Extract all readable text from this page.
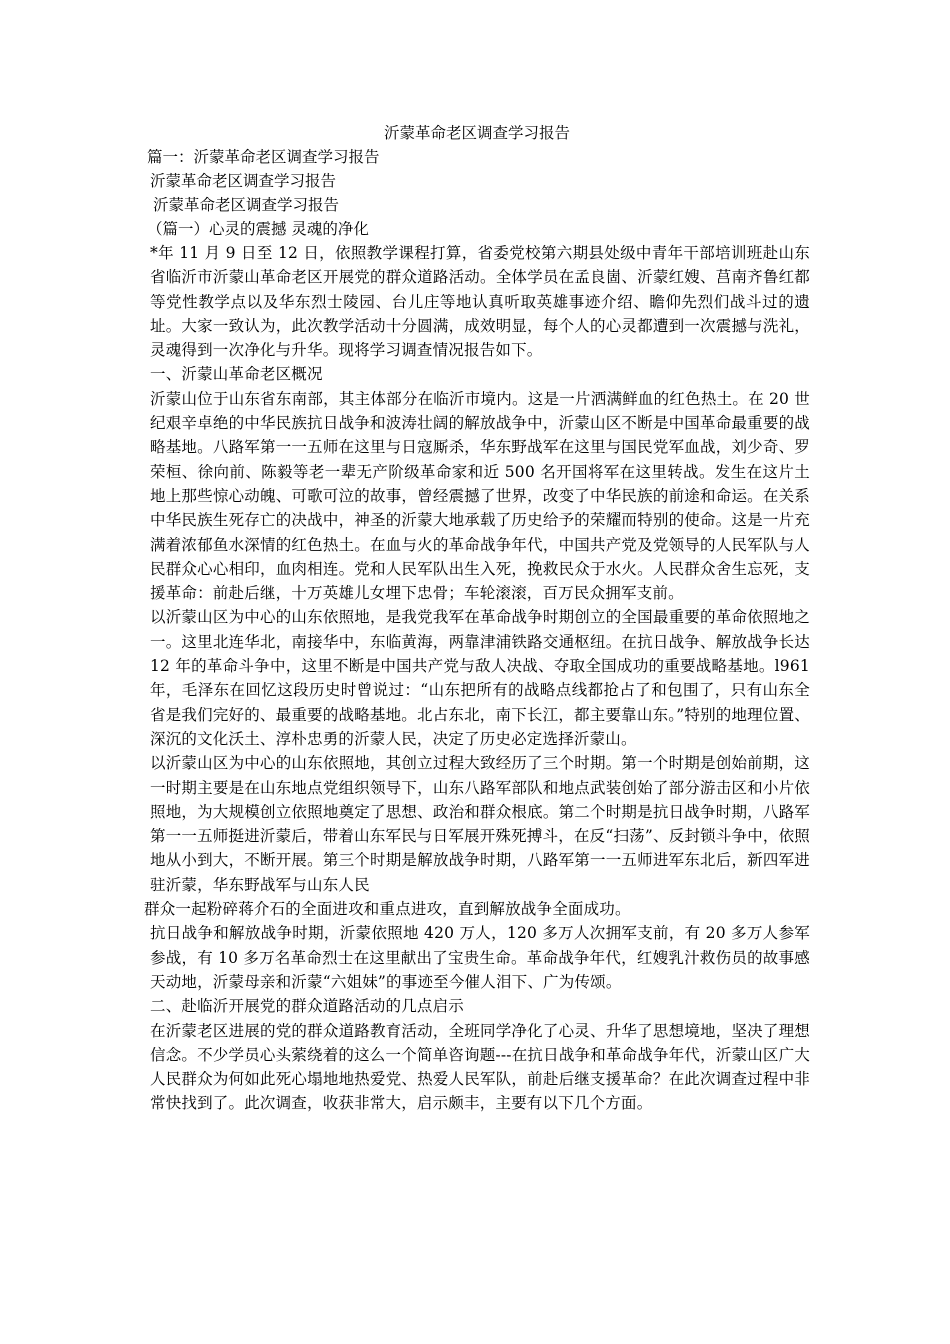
沂蒙革命老区调查学习报告
篇一：沂蒙革命老区调查学习报告
沂蒙革命老区调查学习报告
沂蒙革命老区调查学习报告
（篇一）心灵的震撼 灵魂的净化

*年 11 月 9 日至 12 日，依照教学课程打算，省委党校第六期县处级中青年干部培训班赴山东省临沂市沂蒙山革命老区开展党的群众道路活动。全体学员在孟良崮、沂蒙红嫂、莒南齐鲁红都等党性教学点以及华东烈士陵园、台儿庄等地认真听取英雄事迹介绍、瞻仰先烈们战斗过的遗址。大家一致认为，此次教学活动十分圆满，成效明显，每个人的心灵都遭到一次震撼与洗礼，灵魂得到一次净化与升华。现将学习调查情况报告如下。

一、沂蒙山革命老区概况

沂蒙山位于山东省东南部，其主体部分在临沂市境内。这是一片洒满鲜血的红色热土。在 20 世纪艰辛卓绝的中华民族抗日战争和波涛壮阔的解放战争中，沂蒙山区不断是中国革命最重要的战略基地。八路军第一一五师在这里与日寇厮杀，华东野战军在这里与国民党军血战，刘少奇、罗荣桓、徐向前、陈毅等老一辈无产阶级革命家和近 500 名开国将军在这里转战。发生在这片土地上那些惊心动魄、可歌可泣的故事，曾经震撼了世界，改变了中华民族的前途和命运。在关系中华民族生死存亡的决战中，神圣的沂蒙大地承载了历史给予的荣耀而特别的使命。这是一片充满着浓郁鱼水深情的红色热土。在血与火的革命战争年代，中国共产党及党领导的人民军队与人民群众心心相印，血肉相连。党和人民军队出生入死，挽救民众于水火。人民群众舍生忘死，支援革命：前赴后继，十万英雄儿女埋下忠骨；车轮滚滚，百万民众拥军支前。

以沂蒙山区为中心的山东依照地，是我党我军在革命战争时期创立的全国最重要的革命依照地之一。这里北连华北，南接华中，东临黄海，两靠津浦铁路交通枢纽。在抗日战争、解放战争长达 12 年的革命斗争中，这里不断是中国共产党与敌人决战、夺取全国成功的重要战略基地。l961 年，毛泽东在回忆这段历史时曾说过：“山东把所有的战略点线都抢占了和包围了，只有山东全省是我们完好的、最重要的战略基地。北占东北，南下长江，都主要靠山东。”特别的地理位置、深沉的文化沃土、淳朴忠勇的沂蒙人民，决定了历史必定选择沂蒙山。

以沂蒙山区为中心的山东依照地，其创立过程大致经历了三个时期。第一个时期是创始前期，这一时期主要是在山东地点党组织领导下，山东八路军部队和地点武装创始了部分游击区和小片依照地，为大规模创立依照地奠定了思想、政治和群众根底。第二个时期是抗日战争时期，八路军第一一五师挺进沂蒙后，带着山东军民与日军展开殊死搏斗，在反“扫荡”、反封锁斗争中，依照地从小到大，不断开展。第三个时期是解放战争时期，八路军第一一五师进军东北后，新四军进驻沂蒙，华东野战军与山东人民

群众一起粉碎蒋介石的全面进攻和重点进攻，直到解放战争全面成功。

抗日战争和解放战争时期，沂蒙依照地 420 万人，120 多万人次拥军支前，有 20 多万人参军参战，有 10 多万名革命烈士在这里献出了宝贵生命。革命战争年代，红嫂乳汁救伤员的故事感天动地，沂蒙母亲和沂蒙“六姐妹”的事迹至今催人泪下、广为传颂。

二、赴临沂开展党的群众道路活动的几点启示

在沂蒙老区进展的党的群众道路教育活动，全班同学净化了心灵、升华了思想境地，坚决了理想信念。不少学员心头萦绕着的这么一个简单咨询题---在抗日战争和革命战争年代，沂蒙山区广大人民群众为何如此死心塌地地热爱党、热爱人民军队，前赴后继支援革命？在此次调查过程中非常快找到了。此次调查，收获非常大，启示颇丰，主要有以下几个方面。
